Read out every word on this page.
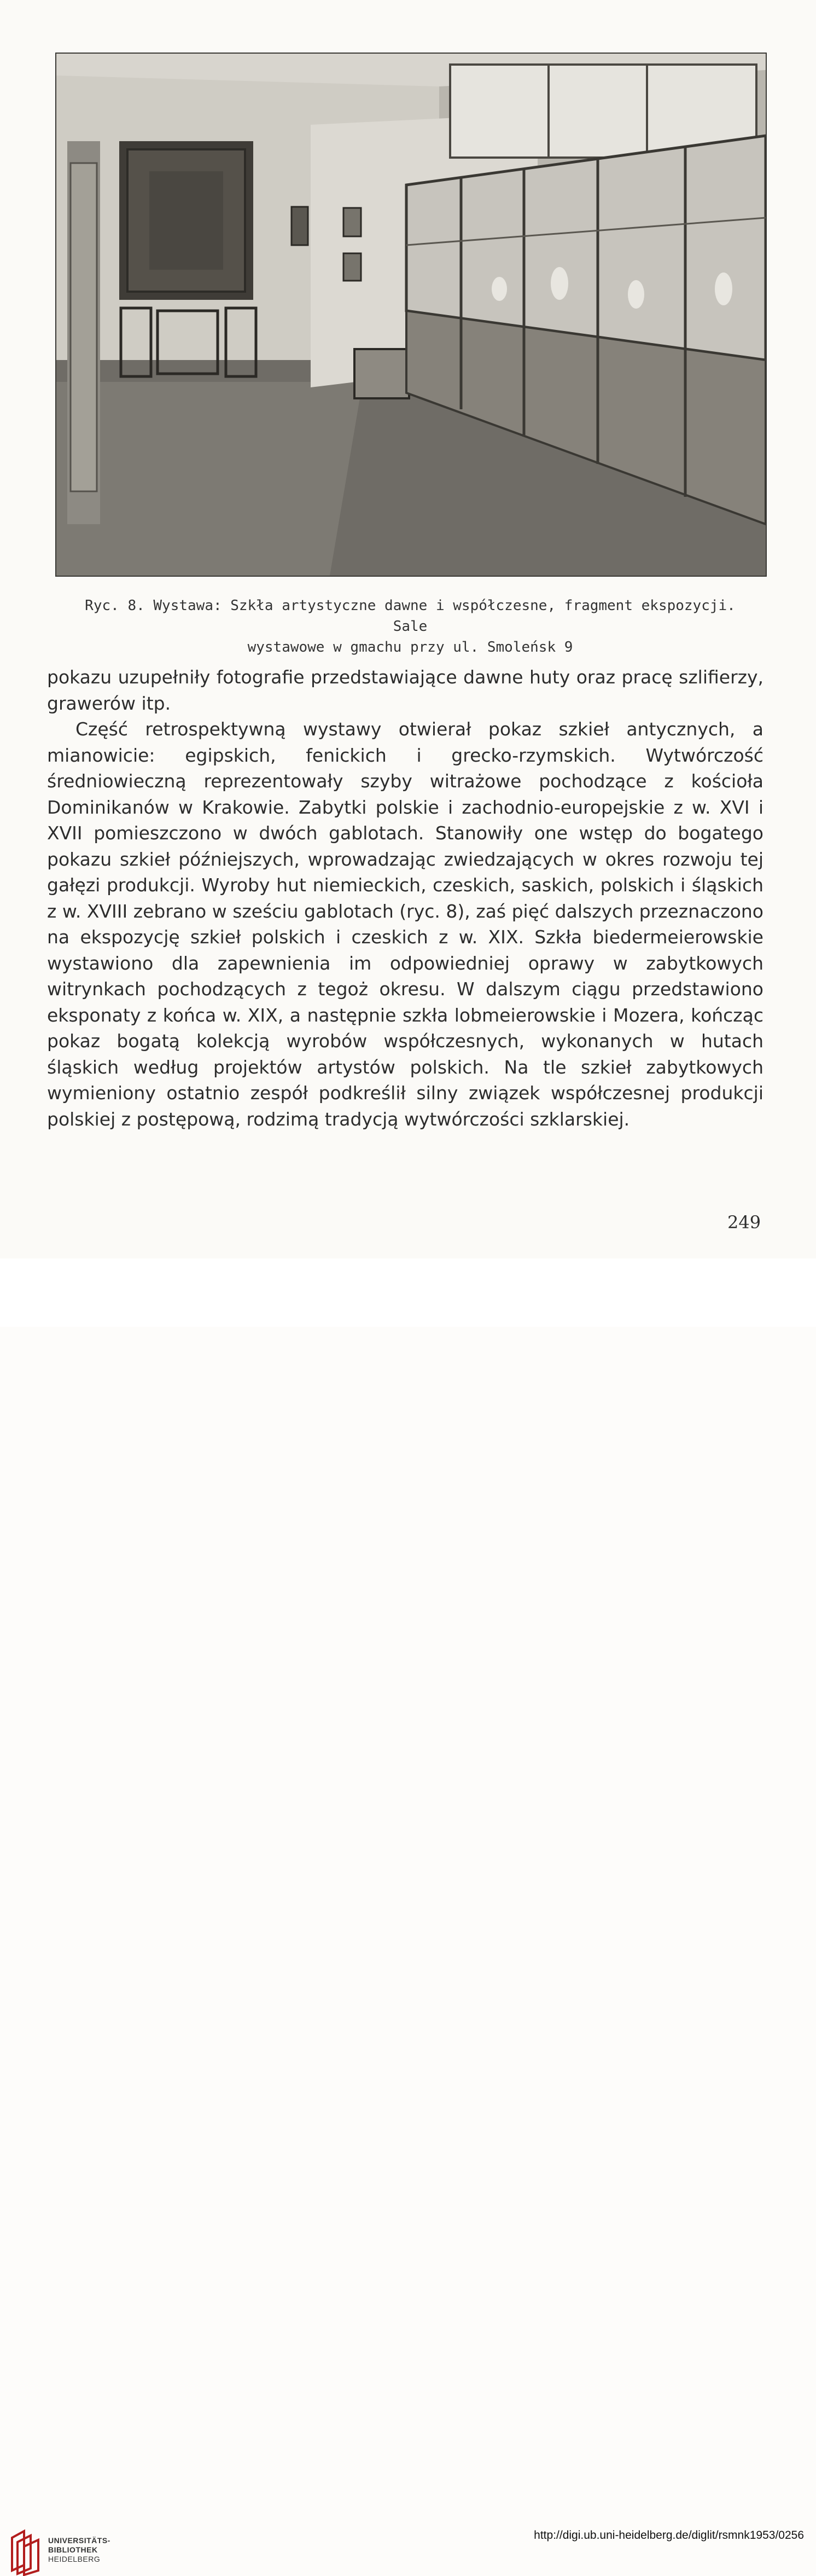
Ryc. 8. Wystawa: Szkła artystyczne dawne i współczesne, fragment ekspozycji. Sale
wystawowe w gmachu przy ul. Smoleńsk 9

pokazu uzupełniły fotografie przedstawiające dawne huty oraz pracę szlifierzy, grawerów itp.

Część retrospektywną wystawy otwierał pokaz szkieł antycznych, a mianowicie: egipskich, fenickich i grecko-rzymskich. Wytwórczość średniowieczną reprezentowały szyby witrażowe pochodzące z kościoła Dominikanów w Krakowie. Zabytki polskie i zachodnio-europejskie z w. XVI i XVII pomieszczono w dwóch gablotach. Stanowiły one wstęp do bogatego pokazu szkieł późniejszych, wprowadzając zwiedzających w okres rozwoju tej gałęzi produkcji. Wyroby hut niemieckich, czeskich, saskich, polskich i śląskich z w. XVIII zebrano w sześciu gablotach (ryc. 8), zaś pięć dalszych przeznaczono na ekspozycję szkieł polskich i czeskich z w. XIX. Szkła biedermeierowskie wystawiono dla zapewnienia im odpowiedniej oprawy w zabytkowych witrynkach pochodzących z tegoż okresu. W dalszym ciągu przedstawiono eksponaty z końca w. XIX, a następnie szkła lobmeierowskie i Mozera, kończąc pokaz bogatą kolekcją wyrobów współczesnych, wykonanych w hutach śląskich według projektów artystów polskich. Na tle szkieł zabytkowych wymieniony ostatnio zespół podkreślił silny związek współczesnej produkcji polskiej z postępową, rodzimą tradycją wytwórczości szklarskiej.

249
UNIVERSITÄTS-
BIBLIOTHEK
HEIDELBERG
http://digi.ub.uni-heidelberg.de/diglit/rsmnk1953/0256
